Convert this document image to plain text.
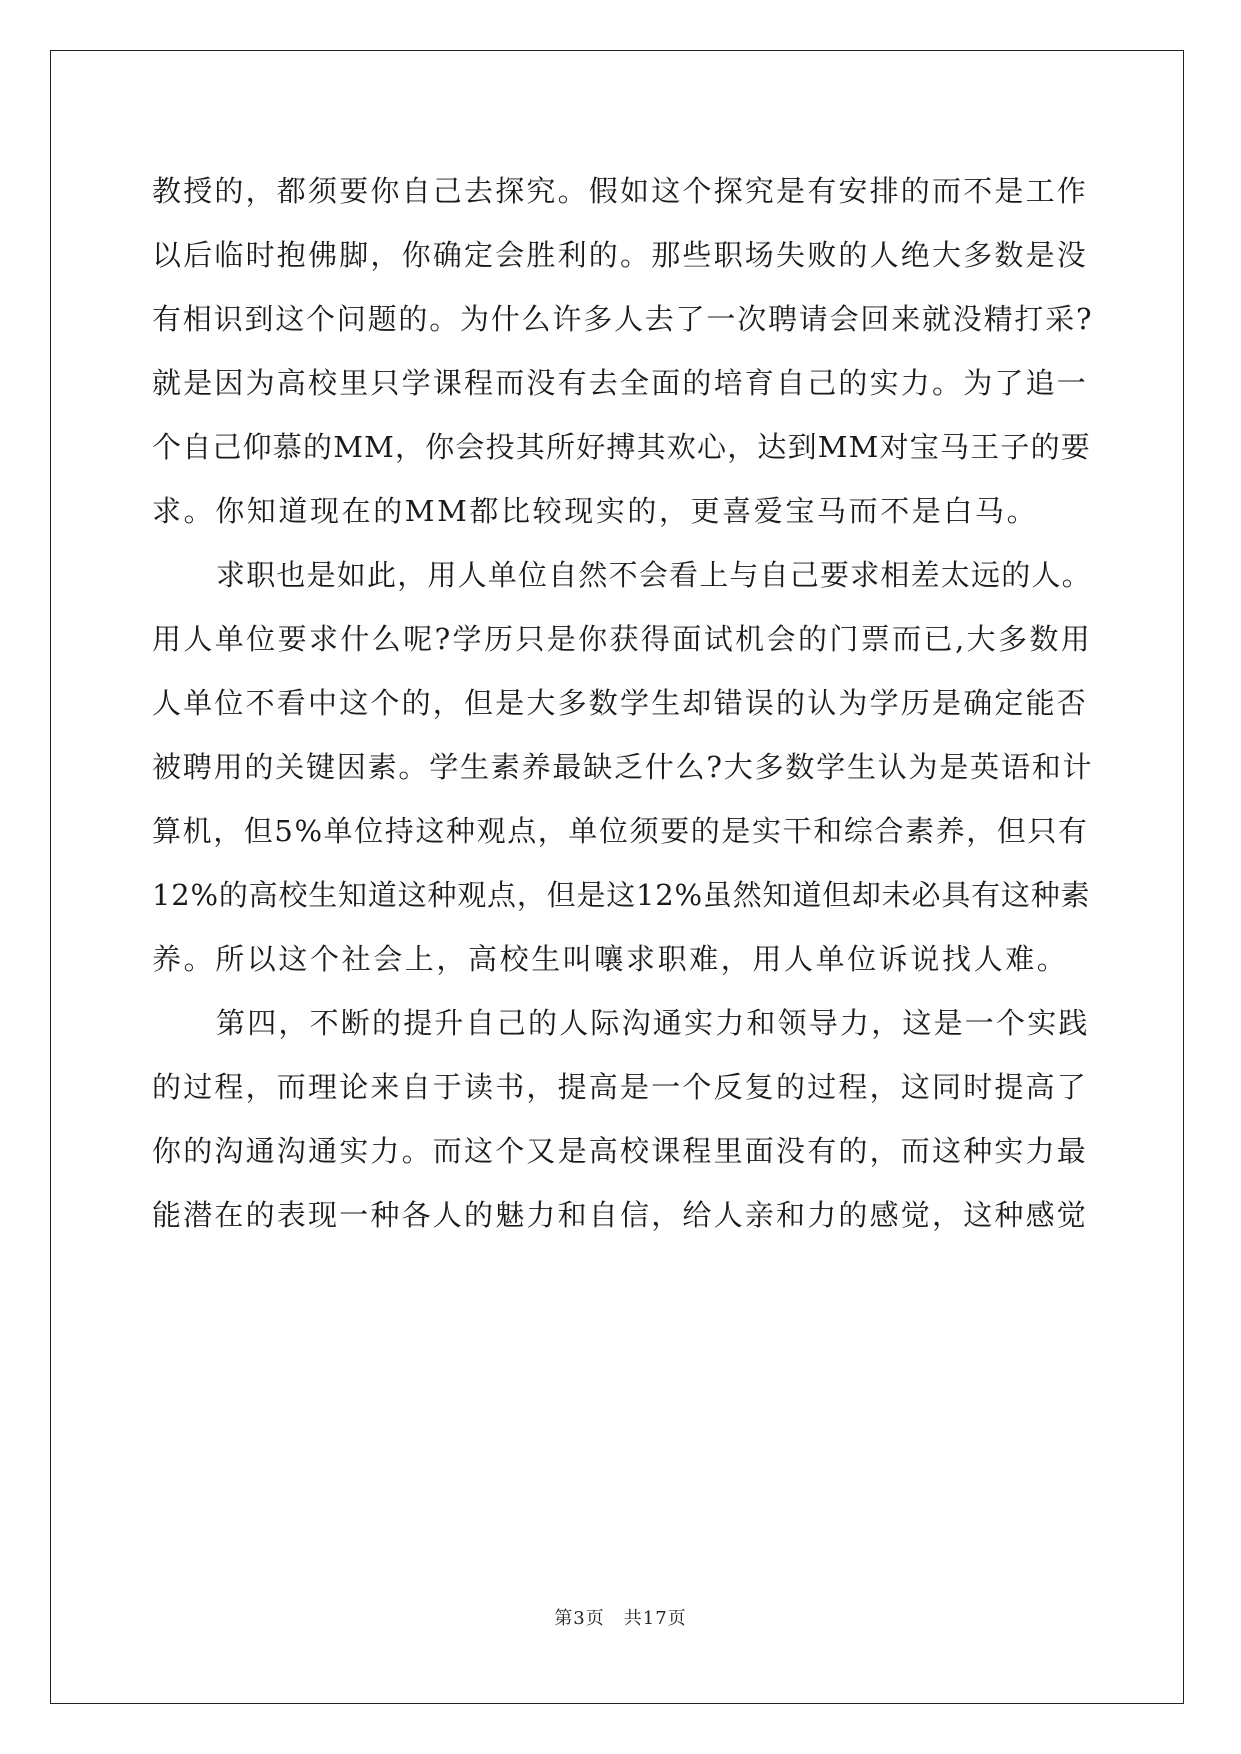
教授的，都须要你自己去探究。假如这个探究是有安排的而不是工作
以后临时抱佛脚，你确定会胜利的。那些职场失败的人绝大多数是没
有相识到这个问题的。为什么许多人去了一次聘请会回来就没精打采?
就是因为高校里只学课程而没有去全面的培育自己的实力。为了追一
个自己仰慕的MM，你会投其所好搏其欢心，达到MM对宝马王子的要
求。你知道现在的MM都比较现实的，更喜爱宝马而不是白马。
求职也是如此，用人单位自然不会看上与自己要求相差太远的人。
用人单位要求什么呢?学历只是你获得面试机会的门票而已,大多数用
人单位不看中这个的，但是大多数学生却错误的认为学历是确定能否
被聘用的关键因素。学生素养最缺乏什么?大多数学生认为是英语和计
算机，但5%单位持这种观点，单位须要的是实干和综合素养，但只有
12%的高校生知道这种观点，但是这12%虽然知道但却未必具有这种素
养。所以这个社会上，高校生叫嚷求职难，用人单位诉说找人难。
第四，不断的提升自己的人际沟通实力和领导力，这是一个实践
的过程，而理论来自于读书，提高是一个反复的过程，这同时提高了
你的沟通沟通实力。而这个又是高校课程里面没有的，而这种实力最
能潜在的表现一种各人的魅力和自信，给人亲和力的感觉，这种感觉
第3页　共17页
